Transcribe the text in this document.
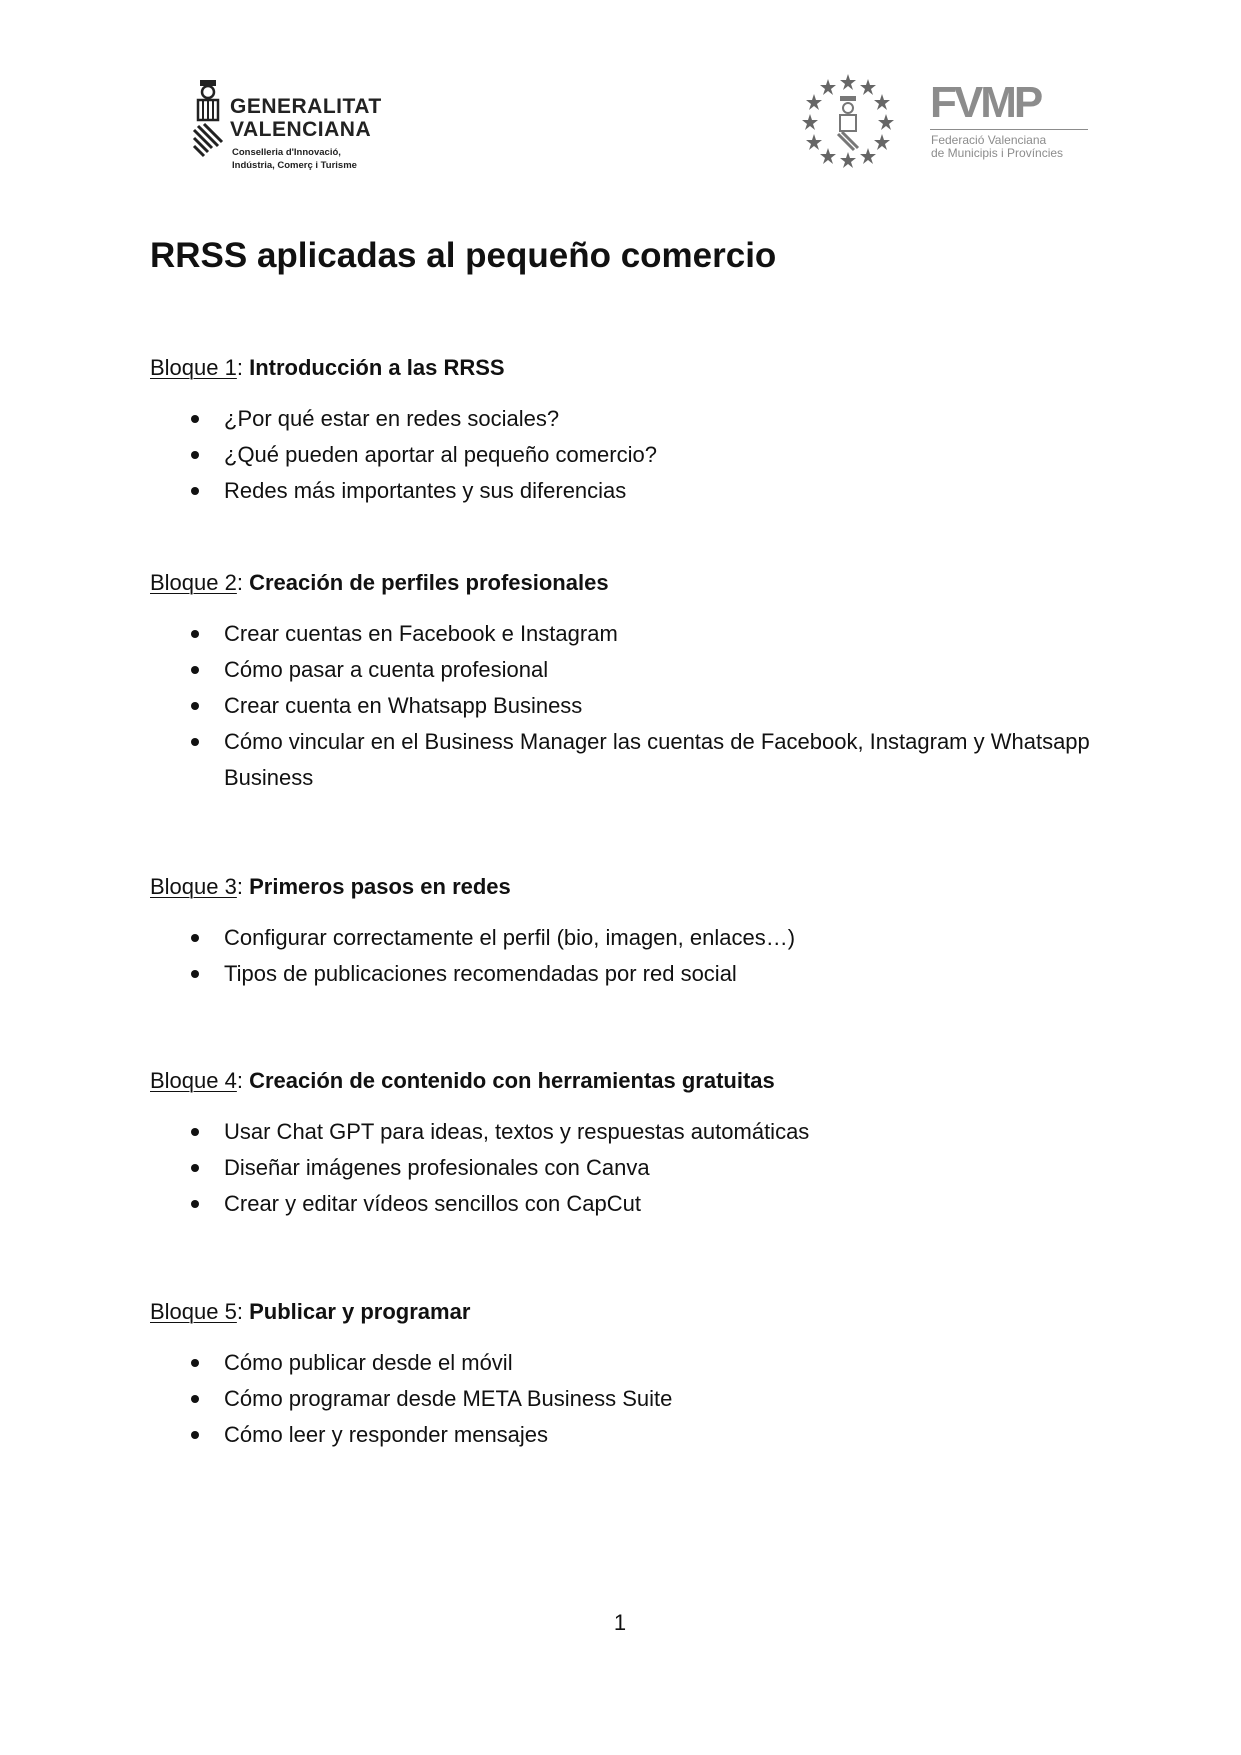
GENERALITAT
VALENCIANA
Conselleria d'Innovació,
Indústria, Comerç i Turisme
FVMP
Federació Valenciana
de Municipis i Províncies
RRSS aplicadas al pequeño comercio
Bloque 1: Introducción a las RRSS
¿Por qué estar en redes sociales?
¿Qué pueden aportar al pequeño comercio?
Redes más importantes y sus diferencias
Bloque 2: Creación de perfiles profesionales
Crear cuentas en Facebook e Instagram
Cómo pasar a cuenta profesional
Crear cuenta en Whatsapp Business
Cómo vincular en el Business Manager las cuentas de Facebook, Instagram y Whatsapp Business
Bloque 3: Primeros pasos en redes
Configurar correctamente el perfil (bio, imagen, enlaces…)
Tipos de publicaciones recomendadas por red social
Bloque 4: Creación de contenido con herramientas gratuitas
Usar Chat GPT para ideas, textos y respuestas automáticas
Diseñar imágenes profesionales con Canva
Crear y editar vídeos sencillos con CapCut
Bloque 5: Publicar y programar
Cómo publicar desde el móvil
Cómo programar desde META Business Suite
Cómo leer y responder mensajes
1
